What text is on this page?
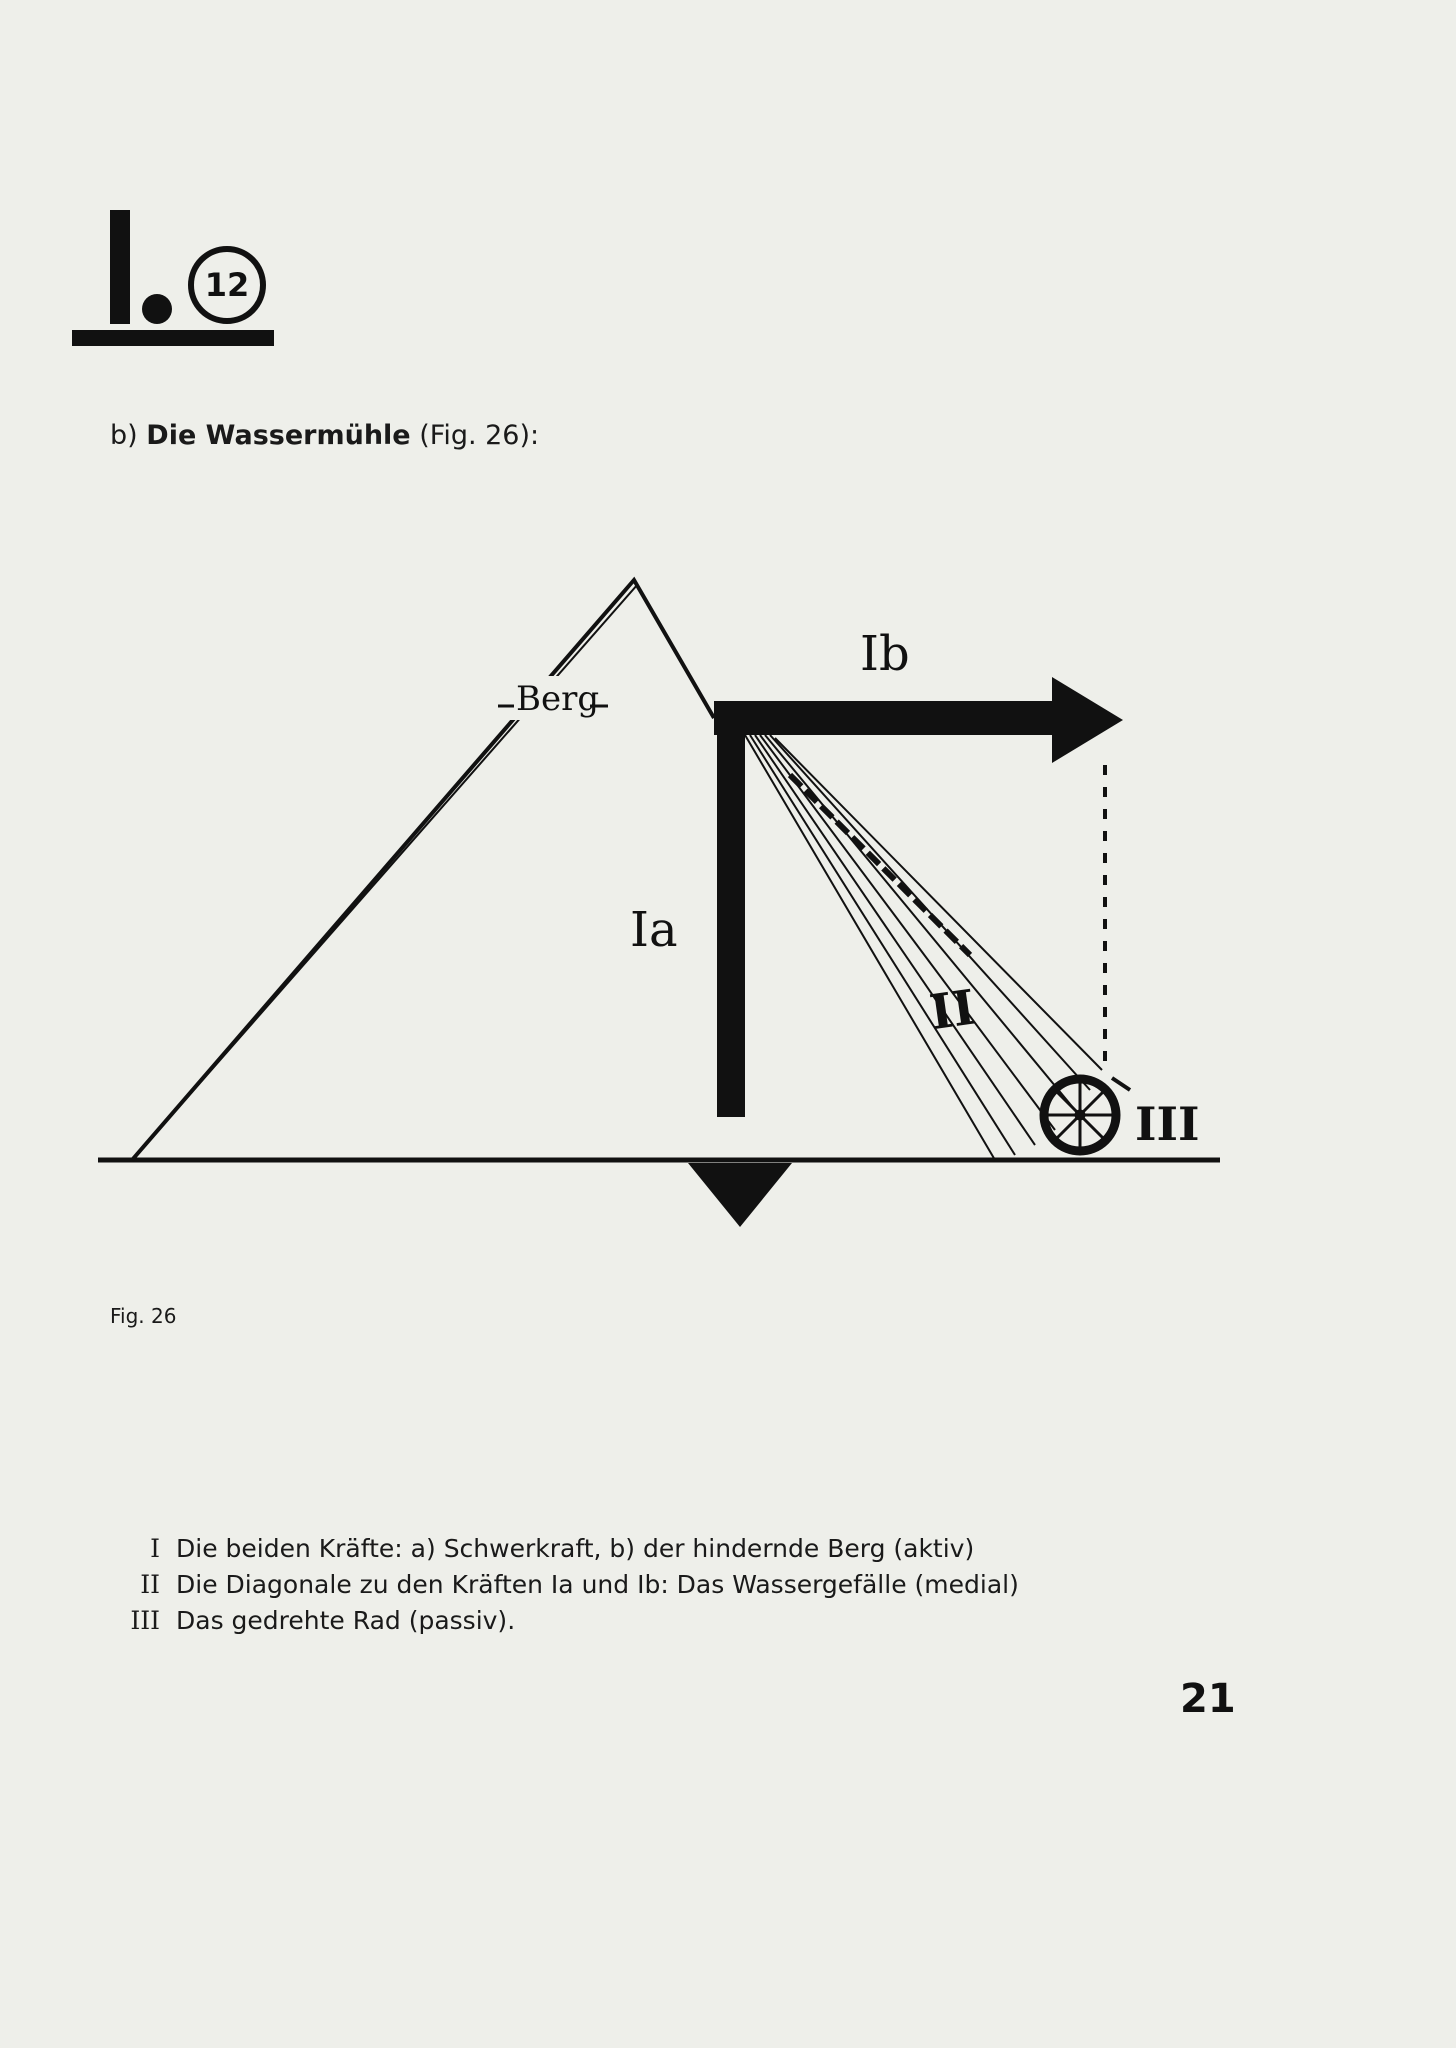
12
b) Die Wassermühle (Fig. 26):
Berg
Ib
Ia
II
III
Fig. 26
I Die beiden Kräfte: a) Schwerkraft, b) der hindernde Berg (aktiv)
II Die Diagonale zu den Kräften Ia und Ib: Das Wassergefälle (medial)
III Das gedrehte Rad (passiv).
21
